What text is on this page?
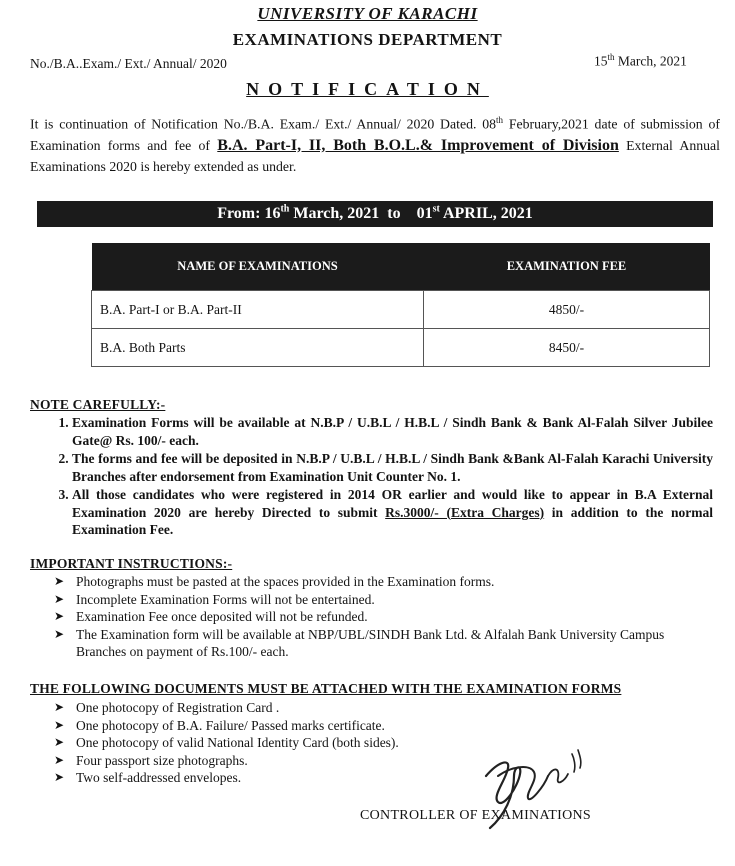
UNIVERSITY OF KARACHI
EXAMINATIONS DEPARTMENT
No./B.A..Exam./ Ext./ Annual/ 2020	15th March, 2021
NOTIFICATION
It is continuation of Notification No./B.A. Exam./ Ext./ Annual/ 2020 Dated. 08th February,2021 date of submission of Examination forms and fee of B.A. Part-I, II, Both B.O.L.& Improvement of Division External Annual Examinations 2020 is hereby extended as under.
From: 16th March, 2021  to    01st APRIL, 2021
NAME OF EXAMINATIONS	EXAMINATION FEE
B.A. Part-I or B.A. Part-II	4850/-
B.A. Both Parts	8450/-
NOTE CAREFULLY:-
1. Examination Forms will be available at N.B.P / U.B.L / H.B.L / Sindh Bank & Bank Al-Falah Silver Jubilee Gate@ Rs. 100/- each.
2. The forms and fee will be deposited in N.B.P / U.B.L / H.B.L / Sindh Bank &Bank Al-Falah Karachi University Branches after endorsement from Examination Unit Counter No. 1.
3. All those candidates who were registered in 2014 OR earlier and would like to appear in B.A External Examination 2020 are hereby Directed to submit Rs.3000/- (Extra Charges) in addition to the normal Examination Fee.
IMPORTANT INSTRUCTIONS:-
➤ Photographs must be pasted at the spaces provided in the Examination forms.
➤ Incomplete Examination Forms will not be entertained.
➤ Examination Fee once deposited will not be refunded.
➤ The Examination form will be available at NBP/UBL/SINDH Bank Ltd. & Alfalah Bank University Campus Branches on payment of Rs.100/- each.
THE FOLLOWING DOCUMENTS MUST BE ATTACHED WITH THE EXAMINATION FORMS
➤ One photocopy of Registration Card .
➤ One photocopy of B.A. Failure/ Passed marks certificate.
➤ One photocopy of valid National Identity Card (both sides).
➤ Four passport size photographs.
➤ Two self-addressed envelopes.
CONTROLLER OF EXAMINATIONS
